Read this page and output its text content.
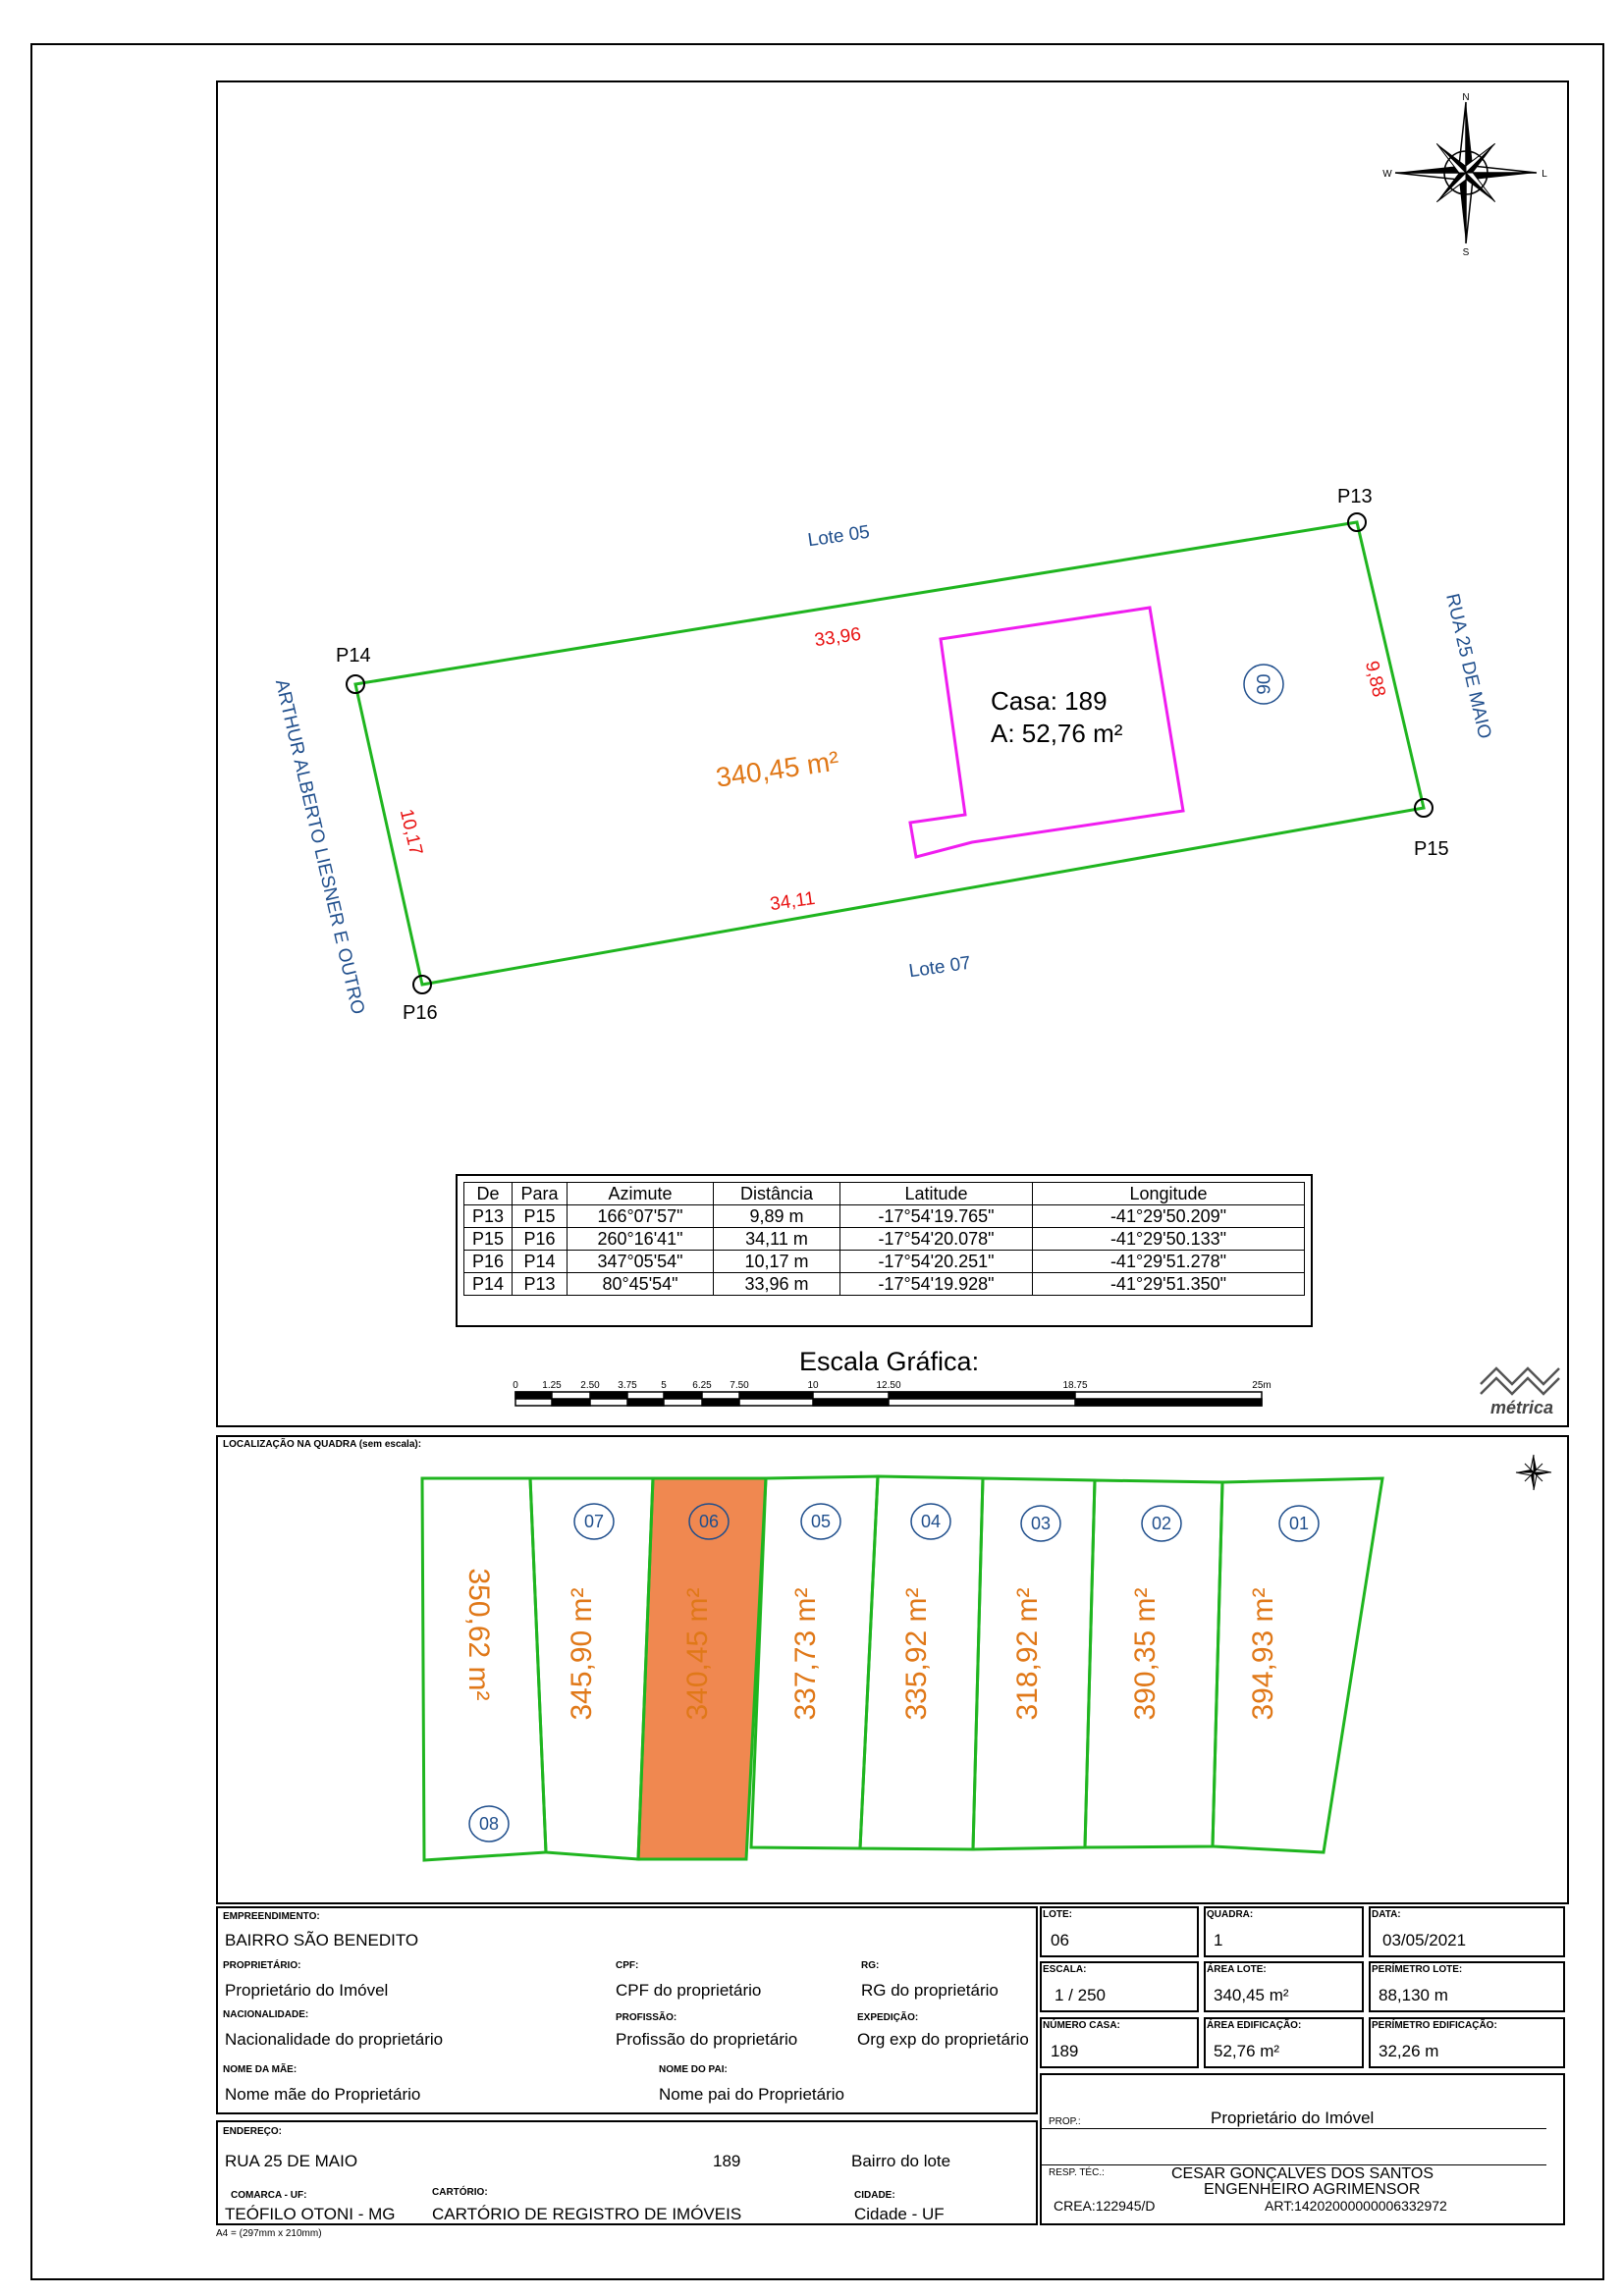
N
S
W	L
P13
P15
P16
P14
Lote 05
Lote 07
RUA 25 DE MAIO
ARTHUR ALBERTO LIESNER E OUTRO
33,96
34,11
10,17
9,88
340,45 m²
06
Casa: 189
A: 52,76 m²
De	Para	Azimute	Distância	Latitude	Longitude
P13	P15	166°07'57"	9,89 m	-17°54'19.765"	-41°29'50.209"
P15	P16	260°16'41"	34,11 m	-17°54'20.078"	-41°29'50.133"
P16	P14	347°05'54"	10,17 m	-17°54'20.251"	-41°29'51.278"
P14	P13	80°45'54"	33,96 m	-17°54'19.928"	-41°29'51.350"
Escala Gráfica:
0 1.25 2.50 3.75 5	6.25 7.50	10	12.50	18.75	25m
métrica
LOCALIZAÇÃO NA QUADRA (sem escala):
08
07	06	05	04	03	02	01
350,62 m² 345,90 m²	340,45 m²	337,73 m²	335,92 m²	318,92 m²	390,35 m²	394,93 m²
EMPREENDIMENTO:
BAIRRO SÃO BENEDITO
PROPRIETÁRIO:
Proprietário do Imóvel
CPF:
CPF do proprietário
RG:
RG do proprietário
NACIONALIDADE:
Nacionalidade do proprietário
PROFISSÃO:
Profissão do proprietário
EXPEDIÇÃO:
Org exp do proprietário
NOME DA MÃE:
Nome mãe do Proprietário
NOME DO PAI:
Nome pai do Proprietário
ENDEREÇO:
RUA 25 DE MAIO	189	Bairro do lote
COMARCA - UF:
TEÓFILO OTONI - MG
CARTÓRIO:
CARTÓRIO DE REGISTRO DE IMÓVEIS
CIDADE:
Cidade - UF
A4 = (297mm x 210mm)
LOTE:
06
QUADRA:
1
DATA:
03/05/2021
ESCALA:
1 / 250
ÁREA LOTE:
340,45 m²
PERÍMETRO LOTE:
88,130 m
NÚMERO CASA:
189
ÁREA EDIFICAÇÃO:
52,76 m²
PERÍMETRO EDIFICAÇÃO:
32,26 m
PROP.:	Proprietário do Imóvel
RESP. TÉC.:	CESAR GONÇALVES DOS SANTOS
ENGENHEIRO AGRIMENSOR
CREA:122945/D	ART:14202000000006332972
